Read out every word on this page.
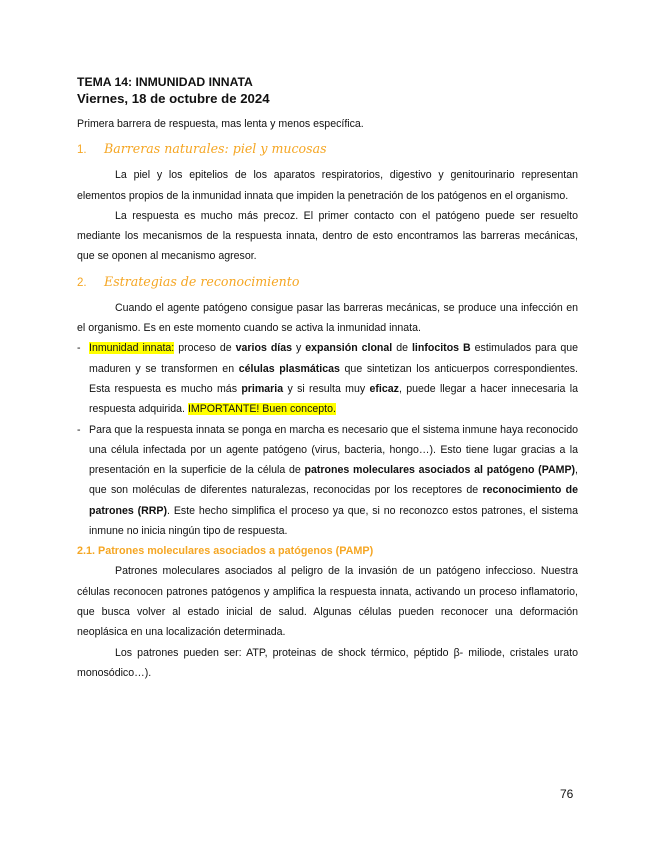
TEMA 14: INMUNIDAD INNATA
Viernes, 18 de octubre de 2024

Primera barrera de respuesta, mas lenta y menos específica.

1.	Barreras naturales: piel y mucosas

La piel y los epitelios de los aparatos respiratorios, digestivo y genitourinario representan elementos propios de la inmunidad innata que impiden la penetración de los patógenos en el organismo.

La respuesta es mucho más precoz. El primer contacto con el patógeno puede ser resuelto mediante los mecanismos de la respuesta innata, dentro de esto encontramos las barreras mecánicas, que se oponen al mecanismo agresor.

2.	Estrategias de reconocimiento

Cuando el agente patógeno consigue pasar las barreras mecánicas, se produce una infección en el organismo. Es en este momento cuando se activa la inmunidad innata.

- Inmunidad innata: proceso de varios días y expansión clonal de linfocitos B estimulados para que maduren y se transformen en células plasmáticas que sintetizan los anticuerpos correspondientes. Esta respuesta es mucho más primaria y si resulta muy eficaz, puede llegar a hacer innecesaria la respuesta adquirida. IMPORTANTE! Buen concepto.
- Para que la respuesta innata se ponga en marcha es necesario que el sistema inmune haya reconocido una célula infectada por un agente patógeno (virus, bacteria, hongo…). Esto tiene lugar gracias a la presentación en la superficie de la célula de patrones moleculares asociados al patógeno (PAMP), que son moléculas de diferentes naturalezas, reconocidas por los receptores de reconocimiento de patrones (RRP). Este hecho simplifica el proceso ya que, si no reconozco estos patrones, el sistema inmune no inicia ningún tipo de respuesta.
2.1. Patrones moleculares asociados a patógenos (PAMP)

Patrones moleculares asociados al peligro de la invasión de un patógeno infeccioso. Nuestra células reconocen patrones patógenos y amplifica la respuesta innata, activando un proceso inflamatorio, que busca volver al estado inicial de salud. Algunas células pueden reconocer una deformación neoplásica en una localización determinada.

Los patrones pueden ser: ATP, proteinas de shock térmico, péptido β- miliode, cristales urato monosódico…).

76
